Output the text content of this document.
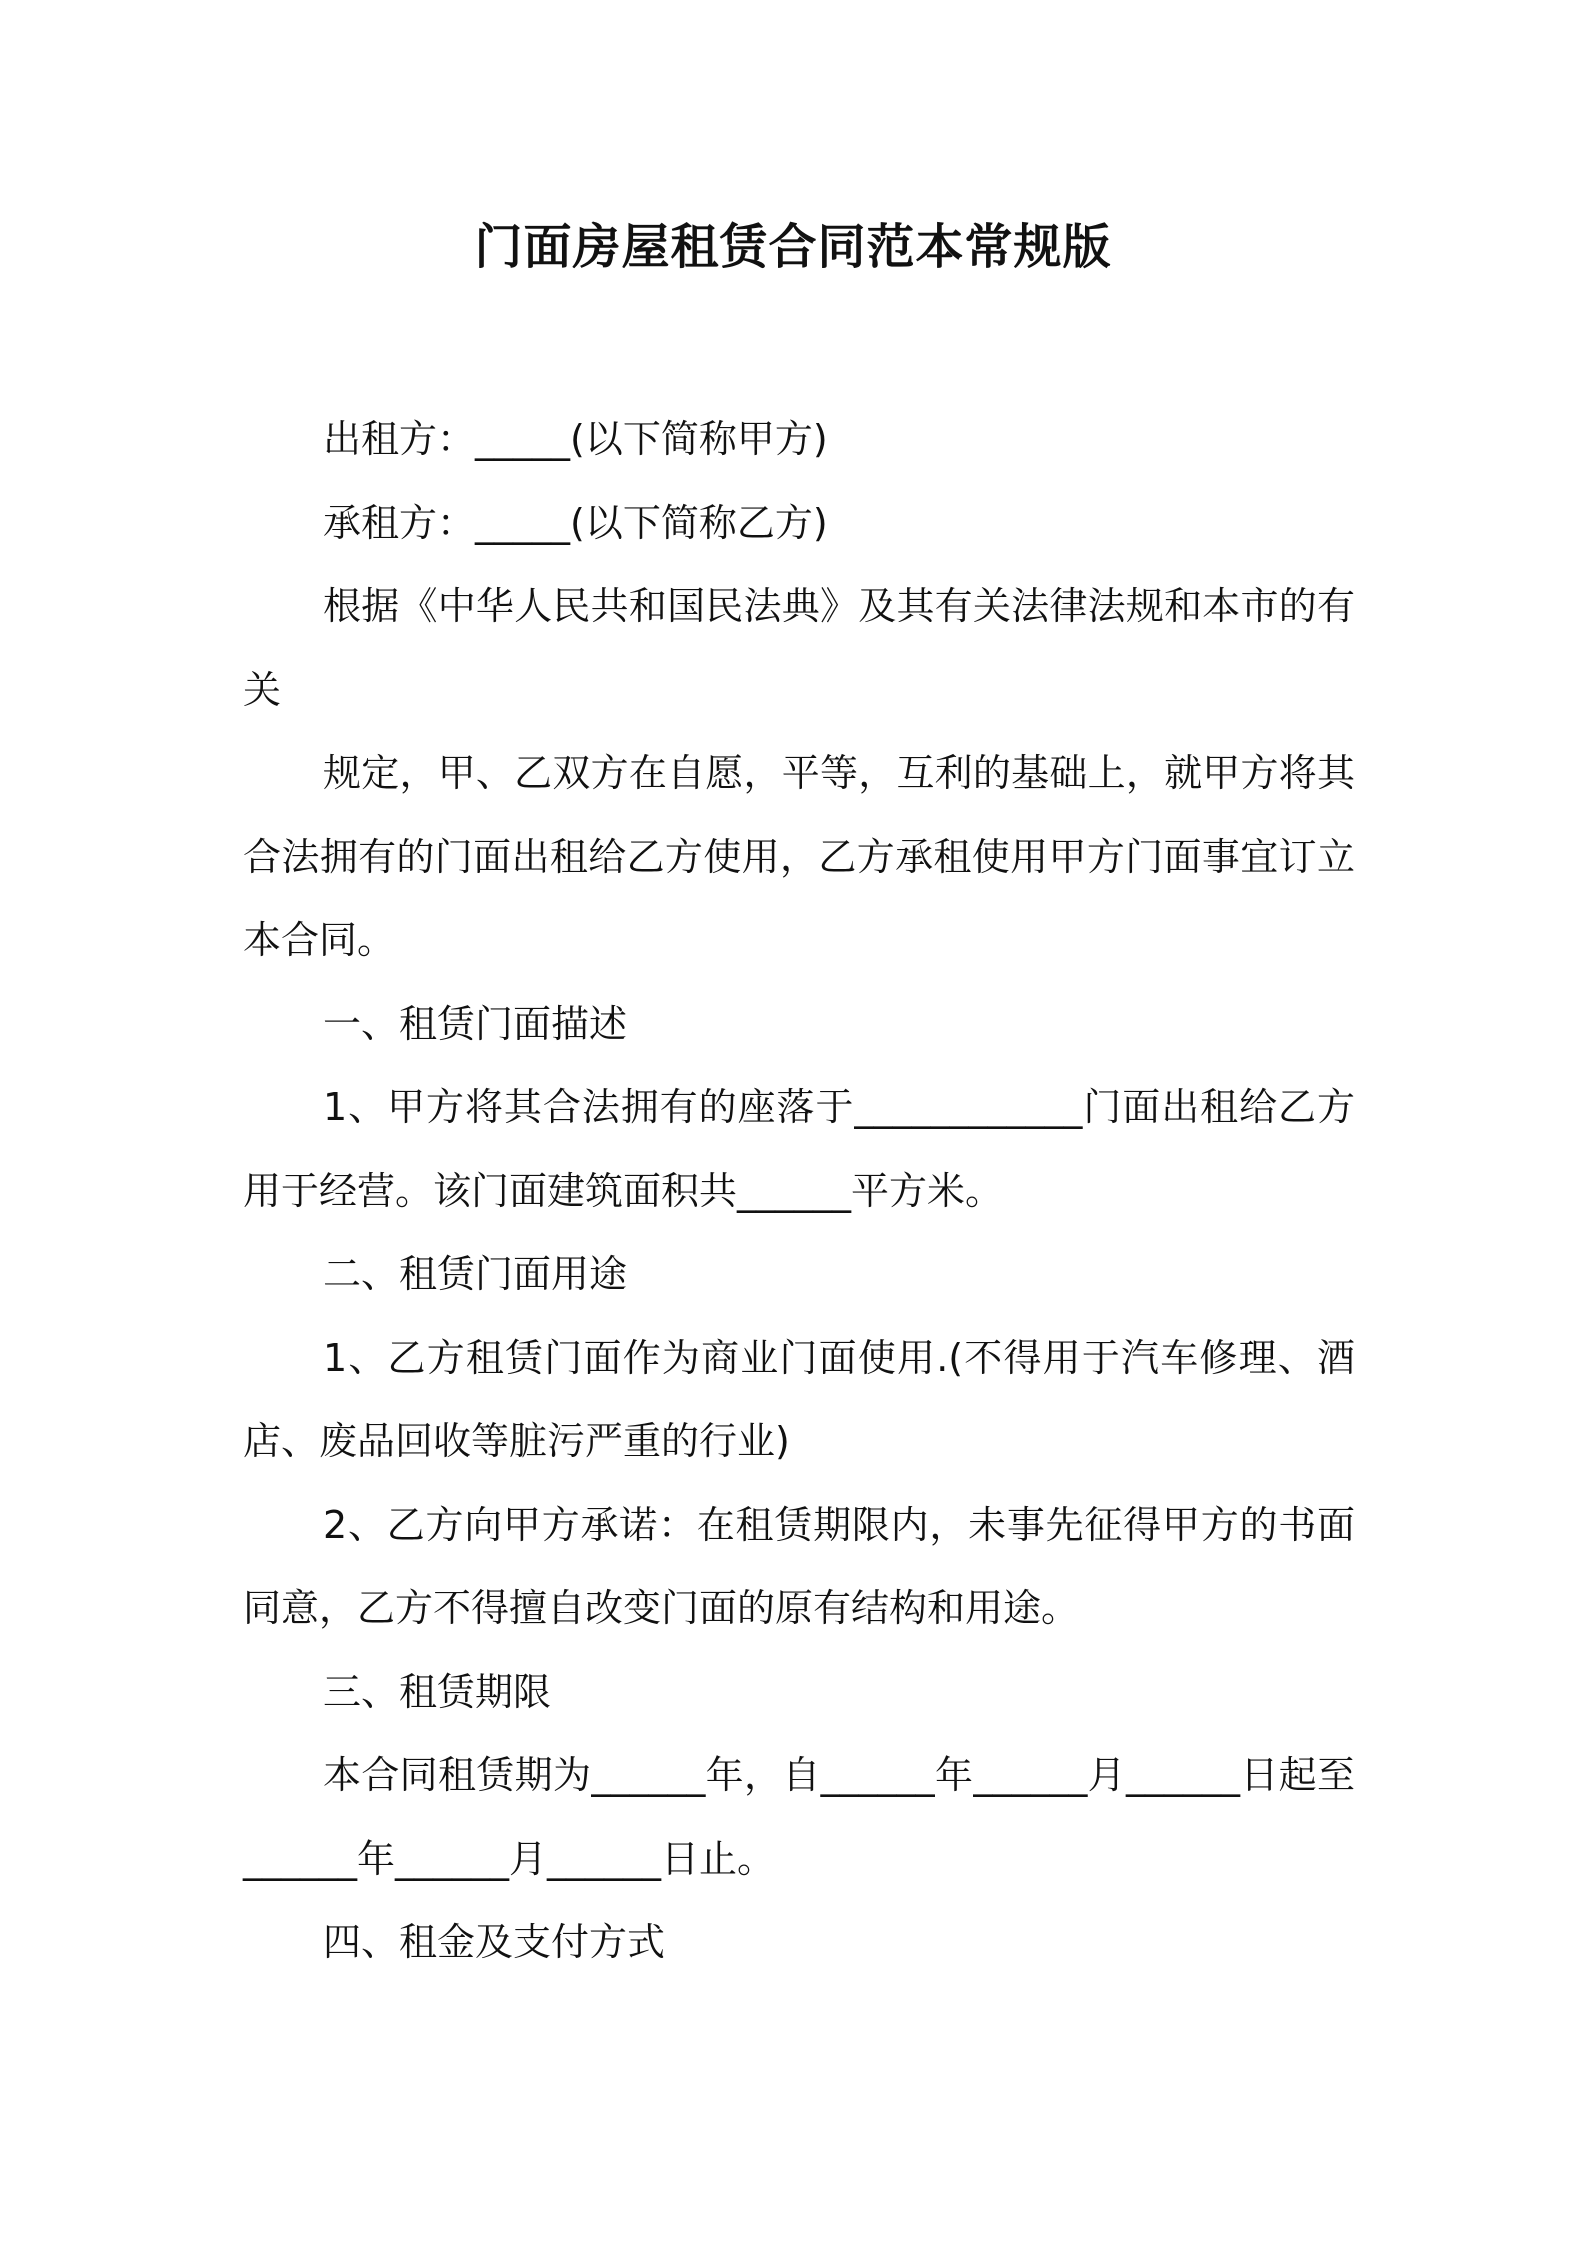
门面房屋租赁合同范本常规版

出租方：_____(以下简称甲方)

承租方：_____(以下简称乙方)

根据《中华人民共和国民法典》及其有关法律法规和本市的有关

规定，甲、乙双方在自愿，平等，互利的基础上，就甲方将其合法拥有的门面出租给乙方使用，乙方承租使用甲方门面事宜订立本合同。

一、租赁门面描述

1、甲方将其合法拥有的座落于____________门面出租给乙方用于经营。该门面建筑面积共______平方米。

二、租赁门面用途

1、乙方租赁门面作为商业门面使用.(不得用于汽车修理、酒店、废品回收等脏污严重的行业)

2、乙方向甲方承诺：在租赁期限内，未事先征得甲方的书面同意，乙方不得擅自改变门面的原有结构和用途。

三、租赁期限

本合同租赁期为______年，自______年______月______日起至______年______月______日止。

四、租金及支付方式
